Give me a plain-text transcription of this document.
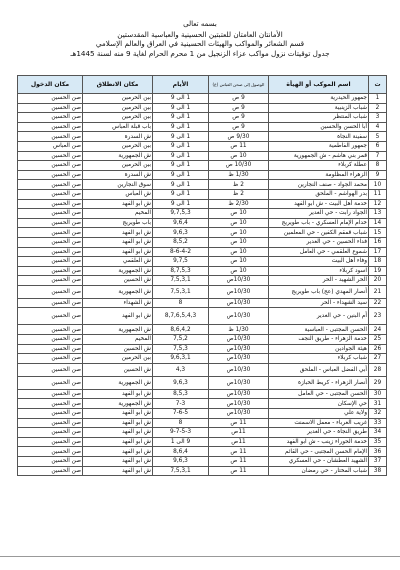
بسمه تعالى
الأمانتان العامتان للعتبتين الحسينية والعباسية المقدستين
قسم الشعائر والمواكب والهيئات الحسينية في العراق والعالم الإسلامي
جدول توقيتات نزول مواكب عزاء الزنجيل من 1 محرم الحرام لغاية 9 منه لسنة 1445هـ
ت	اسم الموكب أو الهيأة	الوصول إلى صحن العباس (ع)	الأيام	مكان الانطلاق	مكان الدخول
1	جمهور الحيدرية	9 ص	1 الى 9	بين الحرمين	صن الحسين
2	شباب الزينبية	9 ص	1 الى 9	بين الحرمين	صن الحسين
3	شباب المنتظر	9 ص	1 الى 9	بين الحرمين	صن الحسين
4	أبا الحسن والحسين	9 ص	1 الى 9	باب قبلة العباس	صن الحسين
5	سفينة النجاة	9/30 ص	1 الى 9	ش السدرة	صن الحسين
6	جمهور الفاطمية	11 ص	1 الى 9	بين الحرمين	صن العباس
7	قمر بني هاشم - ش الجمهورية	10 ص	1 الى 9	ش الجمهورية	صن الحسين
8	عطلة كربلاء	10/30 ص	1 الى 9	بين الحرمين	صن الحسين
9	الزهراء المظلومة	1/30 ظ	1 الى 9	ش السدرة	صن الحسين
10	محمد الجواد - صنف النجارين	2 ظ	1 الى 9	سوق النجارين	صن الحسين
11	بدر الهواشم - الملحق	2 ظ	1 الى 9	ش العباس	صن الحسين
12	خدمة أهل البيت - ش ابو الفهد	2/30 ظ	1 الى 9	ش ابو الفهد	صن الحسين
13	الجواد رابت - حي الغدير	10 ص	9,7,5,3	المخيم	صن الحسين
14	خدام الإمام العسكري - باب طويريج	10 ص	9,6,4	باب طويريج	صن الحسين
15	شباب قمقم الكفين - حي المعلمين	10 ص	9,6,3	ش ابو الفهد	صن الحسين
16	فداء الحسين - حي الغدير	10 ص	8,5,2	ش ابو الفهد	صن الحسين
17	شموع العلقمي - حي العامل	10 ص	8-6-4-2	ش ابو الفهد	صن الحسين
18	وفاء أهل البيت	10 ص	9,7,5	ش العلقمي	صن الحسين
19	اسود كربلاء	10 ص	8,7,5,3	ش الجمهورية	صن الحسين
20	الحر الشهيد - الحر	10/30ص	7,5,3,1	ش الحسين	صن الحسين
21	أنصار المهدي (عج) باب طويريج	10/30ص	7,5,3,1	ش الجمهورية	صن الحسين
22	سيد الشهداء - الحر	10/30ص	8	ش الشهداء	صن الحسين
23	أم البنين - حي الغدير	10/30ص	8,7,6,5,4,3	ش ابو الفهد	صن الحسين
24	الحسن المجتبى - العباسية	1/30 ظ	8,6,4,2	ش الجمهورية	صن الحسين
25	خدمة الزهراء - طريق النجف	10/30ص	7,5,2	المخيم	صن الحسين
26	هيئة الجوادين	10/30ص	7,5,3	ش الحسين	صن الحسين
27	شباب كربلاء	10/30ص	9,6,3,1	بين الحرمين	صن الحسين
28	أبي الفضل العباس - الملحق	10/30ص	4,3	ش الحسين	صن الحسين
29	أنصار الزهراء - كريط الخبازة	10/30ص	9,6,3	ش الجمهورية	صن الحسين
30	الحسن المجتبى - حي العامل	10/30ص	8,5,3	ش ابو الفهد	صن الحسين
31	حي الإسكان	10/30ص	7-3	ش الجمهورية	صن الحسين
32	ولاية علي	10/30ص	7-6-5	ش ابو الفهد	صن الحسين
33	غريب الغرباء - معمل الاسمنت	11 ص	8	ش ابو الفهد	صن الحسين
34	طريق النجاة - حي الغدير	11ص	9-7-5-3	ش ابو الفهد	صن الحسين
35	خدمة الحوراء زينب - ش ابو الفهد	11ص	9 الى 1	ش ابو الفهد	صن الحسين
36	الإمام الحسن المجتبى - حي القائم	11 ص	8,6,4	ش ابو الفهد	صن الحسين
37	الشهيد العطشان - حي العسكري	11 ص	9,6,3	ش ابو الفهد	صن الحسين
38	شباب المختار - حي رمضان	11 ص	7,5,3,1	ش ابو الفهد	صن الحسين
